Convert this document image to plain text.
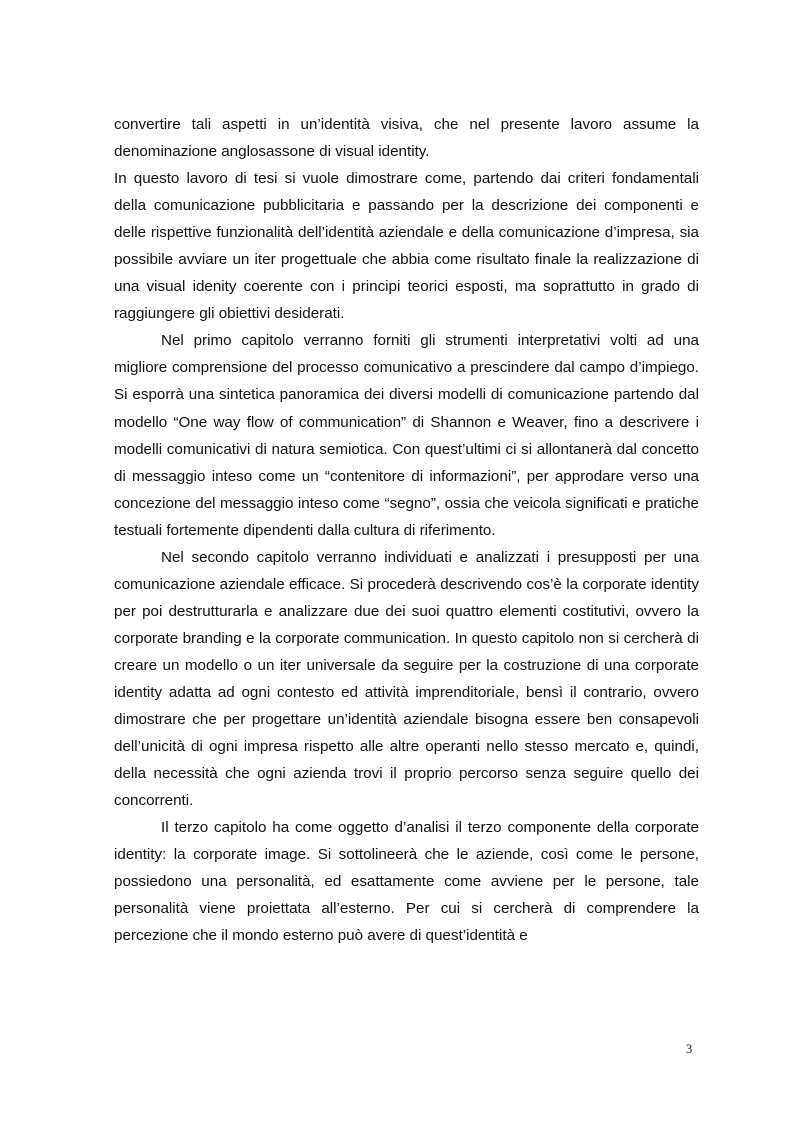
convertire tali aspetti in un’identità visiva, che nel presente lavoro assume la denominazione anglosassone di visual identity.

In questo lavoro di tesi si vuole dimostrare come, partendo dai criteri fondamentali della comunicazione pubblicitaria e passando per la descrizione dei componenti e delle rispettive funzionalità dell’identità aziendale e della comunicazione d’impresa, sia possibile avviare un iter progettuale che abbia come risultato finale la realizzazione di una visual idenity coerente con i principi teorici esposti, ma soprattutto in grado di raggiungere gli obiettivi desiderati.

Nel primo capitolo verranno forniti gli strumenti interpretativi volti ad una migliore comprensione del processo comunicativo a prescindere dal campo d’impiego. Si esporrà una sintetica panoramica dei diversi modelli di comunicazione partendo dal modello “One way flow of communication” di Shannon e Weaver, fino a descrivere i modelli comunicativi di natura semiotica. Con quest’ultimi ci si allontanerà dal concetto di messaggio inteso come un “contenitore di informazioni”, per approdare verso una concezione del messaggio inteso come “segno”, ossia che veicola significati e pratiche testuali fortemente dipendenti dalla cultura di riferimento.

Nel secondo capitolo verranno individuati e analizzati i presupposti per una comunicazione aziendale efficace. Si procederà descrivendo cos’è la corporate identity per poi destrutturarla e analizzare due dei suoi quattro elementi costitutivi, ovvero la corporate branding e la corporate communication. In questo capitolo non si cercherà di creare un modello o un iter universale da seguire per la costruzione di una corporate identity adatta ad ogni contesto ed attività imprenditoriale, bensì il contrario, ovvero dimostrare che per progettare un’identità aziendale bisogna essere ben consapevoli dell’unicità di ogni impresa rispetto alle altre operanti nello stesso mercato e, quindi, della necessità che ogni azienda trovi il proprio percorso senza seguire quello dei concorrenti.

Il terzo capitolo ha come oggetto d’analisi il terzo componente della corporate identity: la corporate image. Si sottolineerà che le aziende, così come le persone, possiedono una personalità, ed esattamente come avviene per le persone, tale personalità viene proiettata all’esterno. Per cui si cercherà di comprendere la percezione che il mondo esterno può avere di quest’identità e

3
